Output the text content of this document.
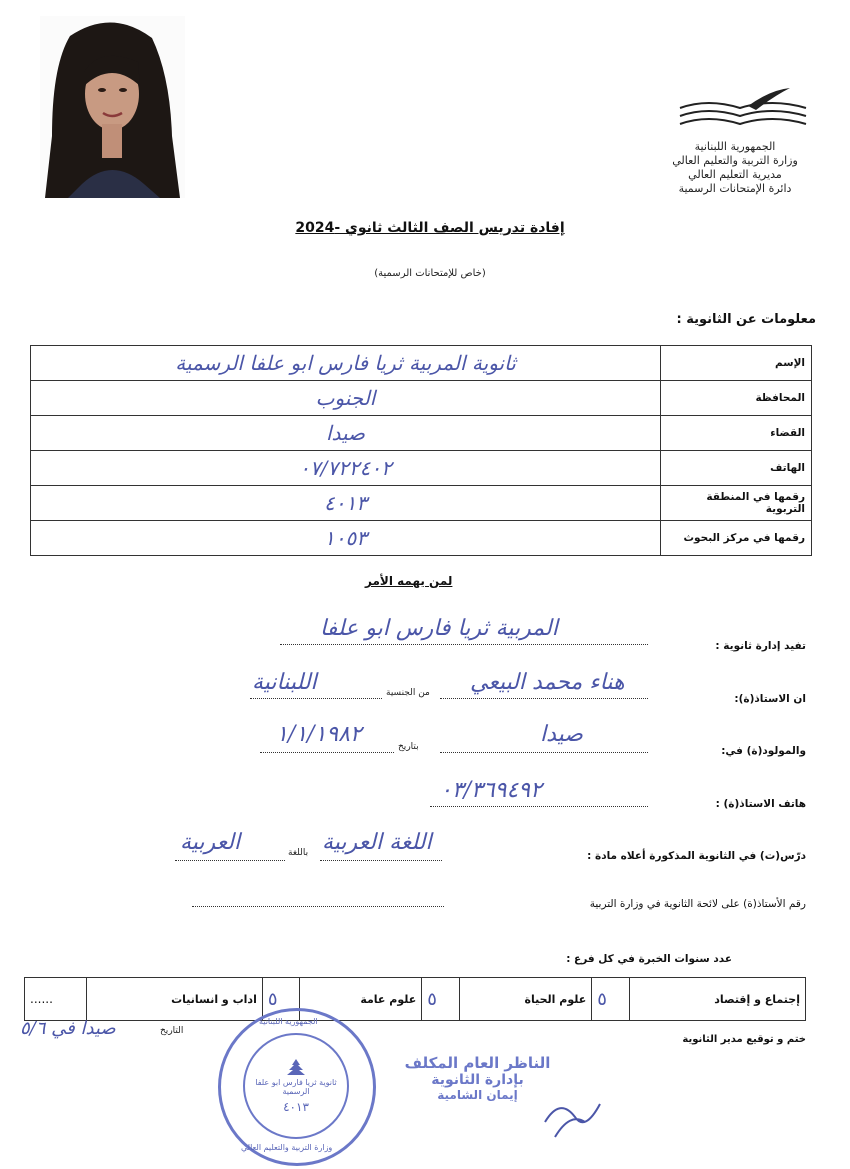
الجمهورية اللبنانية
وزارة التربية والتعليم العالي
مديرية التعليم العالي
دائرة الإمتحانات الرسمية
إفادة تدريس الصف الثالث ثانوي -2024
(خاص للإمتحانات الرسمية)
معلومات عن الثانوية :
الإسم	ثانوية المربية ثريا فارس ابو علفا الرسمية
المحافظة	الجنوب
القضاء	صيدا
الهاتف	٠٧/٧٢٢٤٠٢
رقمها في المنطقة التربوية	٤٠١٣
رقمها في مركز البحوث	١٠٥٣
لمن يهمه الأمر
تفيد إدارة ثانوية :
المربية ثريا فارس ابو علفا
ان الاستاذ(ة):
هناء محمد البيعي
من الجنسية
اللبنانية
والمولود(ة) في:
صيدا
بتاريخ
١/١/١٩٨٢
هاتف الاستاذ(ة) :
٠٣/٣٦٩٤٩٢
درّس(ت) في الثانوية المذكورة أعلاه مادة :
اللغة العربية
باللغة
العربية
رقم الأستاذ(ة) على لائحة الثانوية في وزارة التربية
عدد سنوات الخبرة في كل فرع :
إجتماع و إقتصاد	٥	علوم الحياة	٥	علوم عامة	٥	اداب و انسانيات	......
ختم و توقيع مدير الثانوية
التاريخ
صيدا في ٥/٦	الجمهورية اللبنانية
ثانوية ثريا فارس ابو علفا الرسمية
٤٠١٣
وزارة التربية والتعليم العالي
الناظر العام المكلف
بإدارة الثانوية
إيمان الشامية
